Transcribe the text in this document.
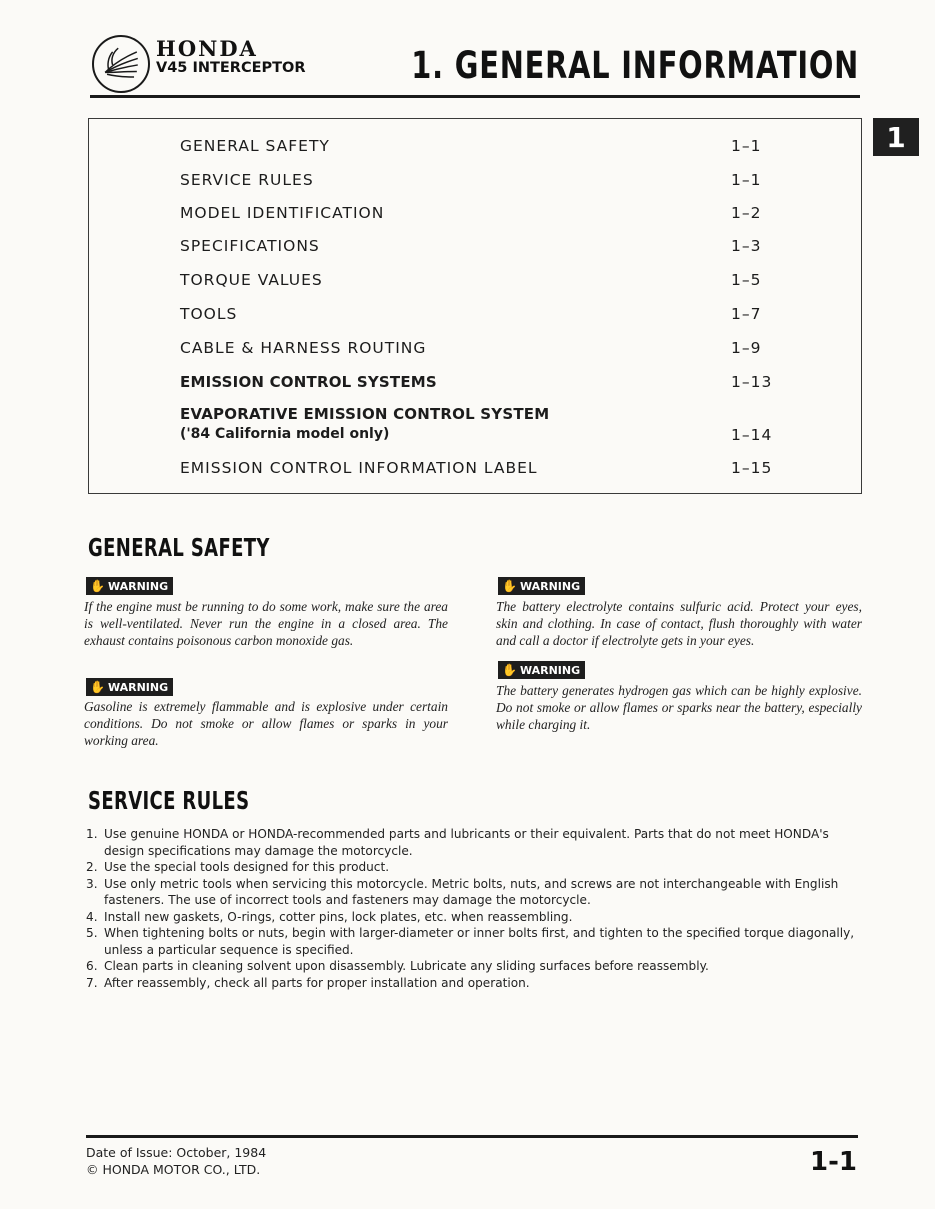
HONDA
V45 INTERCEPTOR	1. GENERAL INFORMATION
1
GENERAL SAFETY	1–1
SERVICE RULES	1–1
MODEL IDENTIFICATION	1–2
SPECIFICATIONS	1–3
TORQUE VALUES	1–5
TOOLS	1–7
CABLE & HARNESS ROUTING	1–9
EMISSION CONTROL SYSTEMS	1–13
EVAPORATIVE EMISSION CONTROL SYSTEM
('84 California model only)	1–14
EMISSION CONTROL INFORMATION LABEL	1–15
GENERAL SAFETY
✋ WARNING
If the engine must be running to do some work, make sure the area is well-ventilated. Never run the engine in a closed area. The exhaust contains poisonous carbon monoxide gas.
✋ WARNING
Gasoline is extremely flammable and is explosive under certain conditions. Do not smoke or allow flames or sparks in your working area.
✋ WARNING
The battery electrolyte contains sulfuric acid. Protect your eyes, skin and clothing. In case of contact, flush thoroughly with water and call a doctor if electrolyte gets in your eyes.
✋ WARNING
The battery generates hydrogen gas which can be highly explosive. Do not smoke or allow flames or sparks near the battery, especially while charging it.
SERVICE RULES
1. Use genuine HONDA or HONDA-recommended parts and lubricants or their equivalent. Parts that do not meet HONDA's design specifications may damage the motorcycle.
2. Use the special tools designed for this product.
3. Use only metric tools when servicing this motorcycle. Metric bolts, nuts, and screws are not interchangeable with English fasteners. The use of incorrect tools and fasteners may damage the motorcycle.
4. Install new gaskets, O-rings, cotter pins, lock plates, etc. when reassembling.
5. When tightening bolts or nuts, begin with larger-diameter or inner bolts first, and tighten to the specified torque diagonally, unless a particular sequence is specified.
6. Clean parts in cleaning solvent upon disassembly. Lubricate any sliding surfaces before reassembly.
7. After reassembly, check all parts for proper installation and operation.
Date of Issue: October, 1984
© HONDA MOTOR CO., LTD.	1-1
